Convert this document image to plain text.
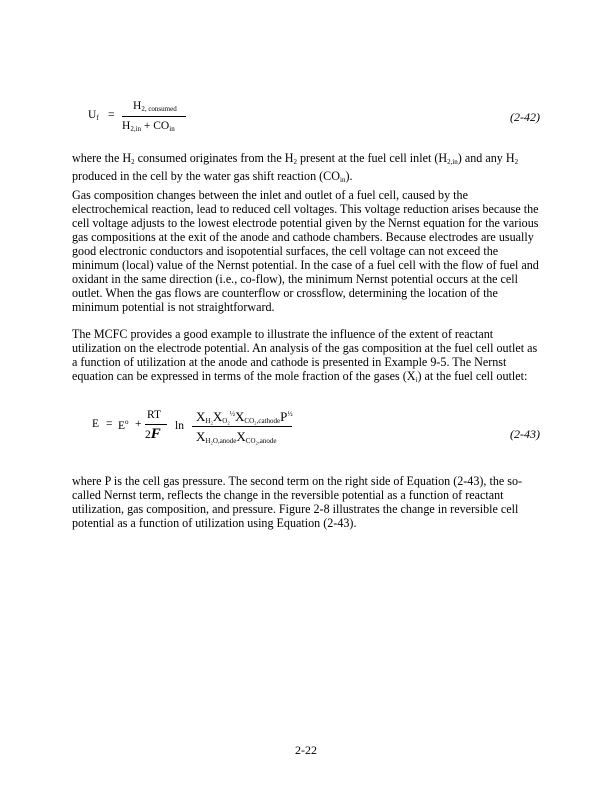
$U_f$ =
$H_{2, consumed}$
$H_{2,in} + CO_{in}$
(2-42)

where the $H_2$ consumed originates from the $H_2$ present at the fuel cell inlet $(H_{2,in})$ and any $H_2$ produced in the cell by the water gas shift reaction $(CO_{in})$.

Gas composition changes between the inlet and outlet of a fuel cell, caused by the electrochemical reaction, lead to reduced cell voltages. This voltage reduction arises because the cell voltage adjusts to the lowest electrode potential given by the Nernst equation for the various gas compositions at the exit of the anode and cathode chambers. Because electrodes are usually good electronic conductors and isopotential surfaces, the cell voltage can not exceed the minimum (local) value of the Nernst potential. In the case of a fuel cell with the flow of fuel and oxidant in the same direction (i.e., co-flow), the minimum Nernst potential occurs at the cell outlet. When the gas flows are counterflow or crossflow, determining the location of the minimum potential is not straightforward.

The MCFC provides a good example to illustrate the influence of the extent of reactant utilization on the electrode potential. An analysis of the gas composition at the fuel cell outlet as a function of utilization at the anode and cathode is presented in Example 9-5. The Nernst equation can be expressed in terms of the mole fraction of the gases $(X_i)$ at the fuel cell outlet:

$E = E^o$ +
RT
2F ln
$X_{H_2}X_{O_2}^{\frac{1}{2}}X_{CO_2,cathode}P^{\frac{1}{2}}$
$X_{H_2O,anode}X_{CO_2,anode}$	(2-43)

where P is the cell gas pressure. The second term on the right side of Equation (2-43), the so-called Nernst term, reflects the change in the reversible potential as a function of reactant utilization, gas composition, and pressure. Figure 2-8 illustrates the change in reversible cell potential as a function of utilization using Equation (2-43).

2-22
